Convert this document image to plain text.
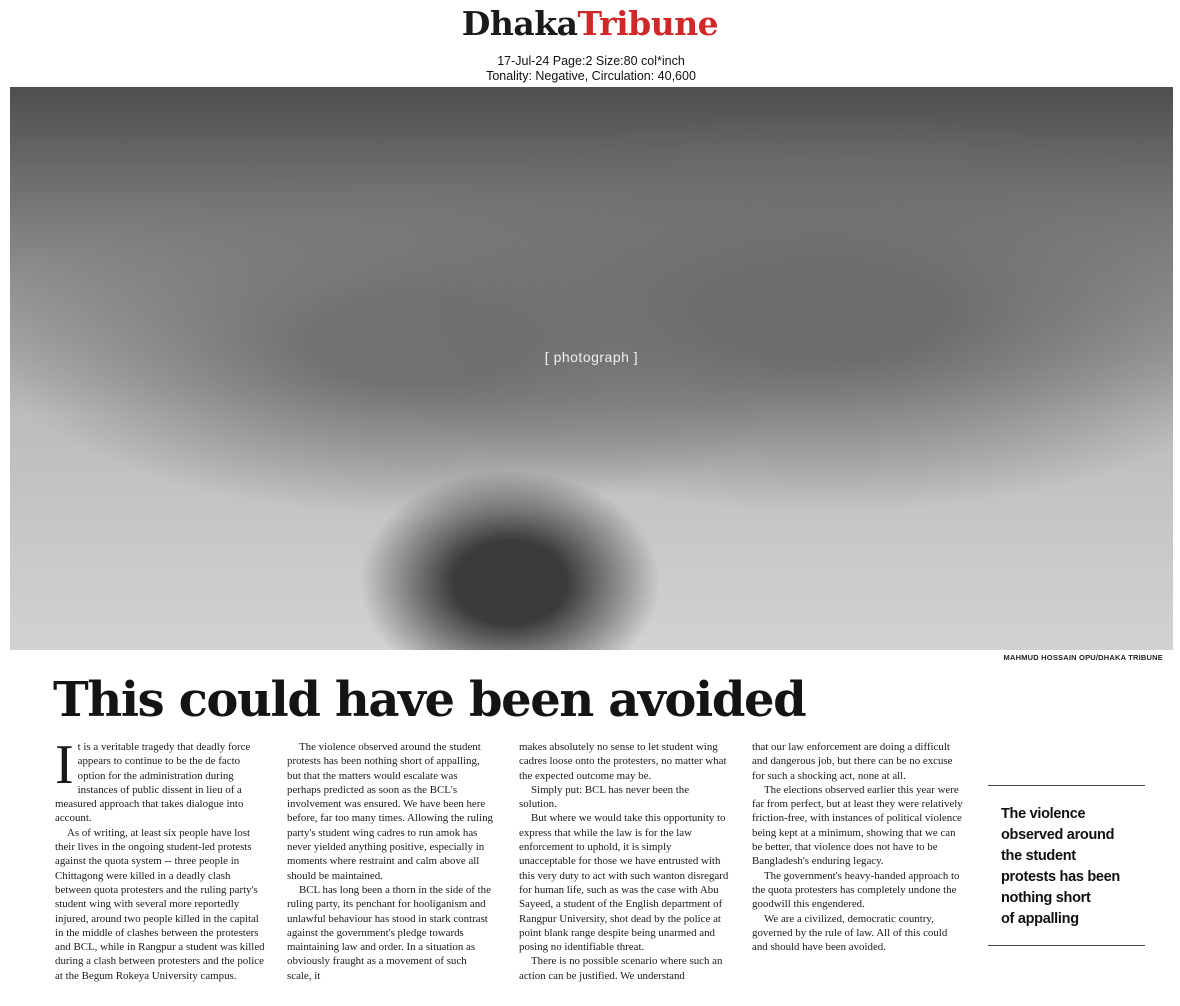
DhakaTribune
17-Jul-24 Page:2 Size:80 col*inch
Tonality: Negative, Circulation: 40,600
[ photograph ]
MAHMUD HOSSAIN OPU/DHAKA TRIBUNE
This could have been avoided

It is a veritable tragedy that deadly force appears to continue to be the de facto option for the administration during instances of public dissent in lieu of a measured approach that takes dialogue into account.

As of writing, at least six people have lost their lives in the ongoing student-led protests against the quota system -- three people in Chittagong were killed in a deadly clash between quota protesters and the ruling party's student wing with several more reportedly injured, around two people killed in the capital in the middle of clashes between the protesters and BCL, while in Rangpur a student was killed during a clash between protesters and the police at the Begum Rokeya University campus.

The violence observed around the student protests has been nothing short of appalling, but that the matters would escalate was perhaps predicted as soon as the BCL's involvement was ensured. We have been here before, far too many times. Allowing the ruling party's student wing cadres to run amok has never yielded anything positive, especially in moments where restraint and calm above all should be maintained.

BCL has long been a thorn in the side of the ruling party, its penchant for hooliganism and unlawful behaviour has stood in stark contrast against the government's pledge towards maintaining law and order. In a situation as obviously fraught as a movement of such scale, it

makes absolutely no sense to let student wing cadres loose onto the protesters, no matter what the expected outcome may be.

Simply put: BCL has never been the solution.

But where we would take this opportunity to express that while the law is for the law enforcement to uphold, it is simply unacceptable for those we have entrusted with this very duty to act with such wanton disregard for human life, such as was the case with Abu Sayeed, a student of the English department of Rangpur University, shot dead by the police at point blank range despite being unarmed and posing no identifiable threat.

There is no possible scenario where such an action can be justified. We understand

that our law enforcement are doing a difficult and dangerous job, but there can be no excuse for such a shocking act, none at all.

The elections observed earlier this year were far from perfect, but at least they were relatively friction-free, with instances of political violence being kept at a minimum, showing that we can be better, that violence does not have to be Bangladesh's enduring legacy.

The government's heavy-handed approach to the quota protesters has completely undone the goodwill this engendered.

We are a civilized, democratic country, governed by the rule of law. All of this could and should have been avoided.

The violence
observed around
the student
protests has been
nothing short
of appalling
